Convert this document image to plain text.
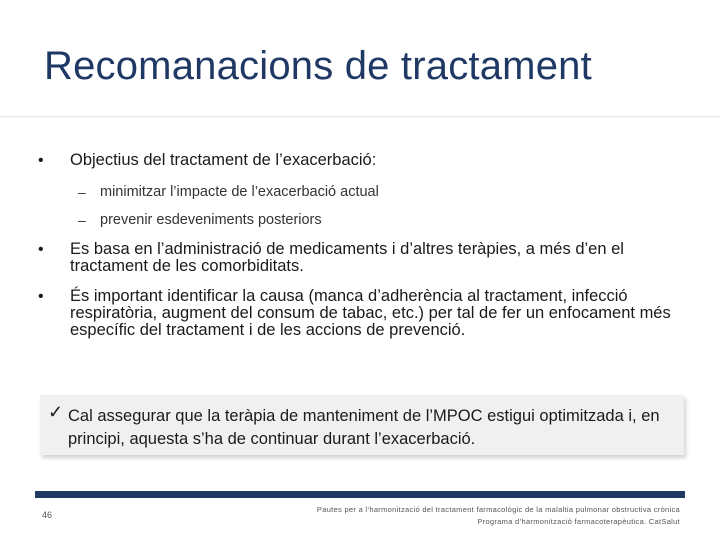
Recomanacions de tractament
• Objectius del tractament de l’exacerbació:
– minimitzar l’impacte de l’exacerbació actual
– prevenir esdeveniments posteriors
• Es basa en l’administració de medicaments i d’altres teràpies, a més d’en el tractament de les comorbiditats.
• És important identificar la causa (manca d’adherència al tractament, infecció respiratòria, augment del consum de tabac, etc.) per tal de fer un enfocament més específic del tractament i de les accions de prevenció.
✓ Cal assegurar que la teràpia de manteniment de l’MPOC estigui optimitzada i, en principi, aquesta s’ha de continuar durant l’exacerbació.
46
Pautes per a l’harmonització del tractament farmacològic de la malaltia pulmonar obstructiva crònica
Programa d’harmonització farmacoterapèutica. CatSalut
